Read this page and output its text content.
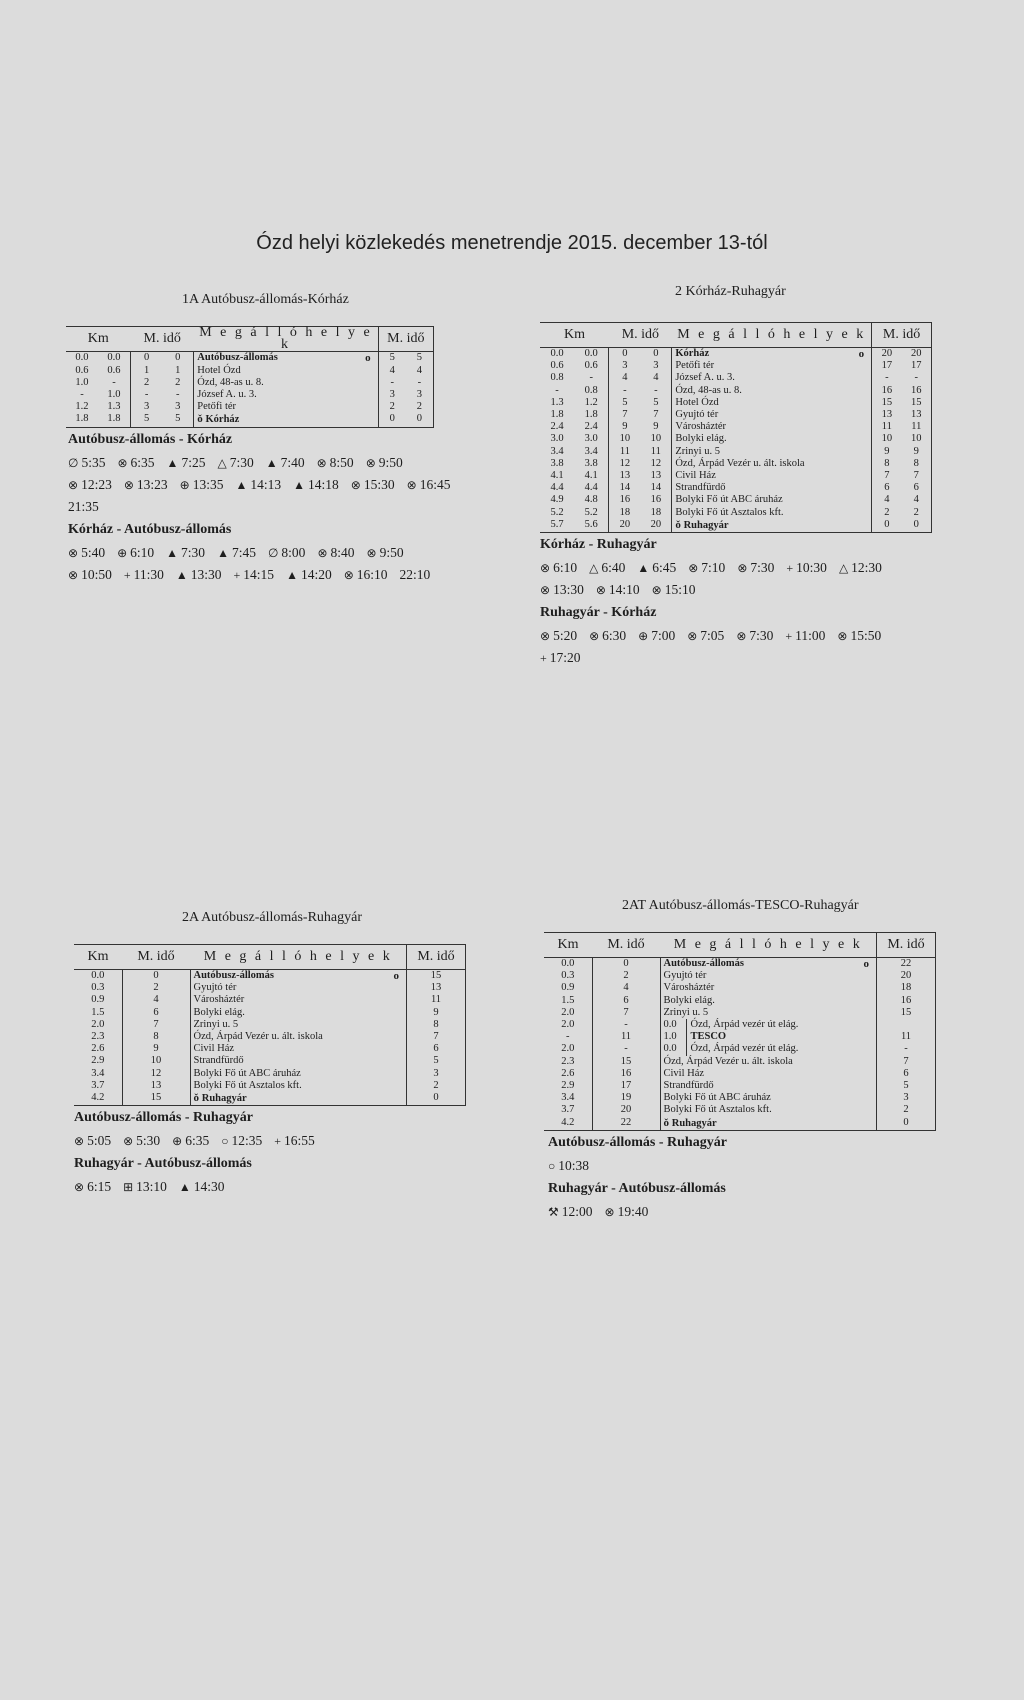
Ózd helyi közlekedés menetrendje 2015. december 13-tól
1A Autóbusz-állomás-Kórház
Km		M. idő		M e g á l l ó h e l y e k	M. idő	
0.0	0.0	0	0	Autóbusz-állomás o	5	5
0.6	0.6	1	1	Hotel Ózd	4	4
1.0	-	2	2	Ózd, 48-as u. 8.	-	-
-	1.0	-	-	József A. u. 3.	3	3
1.2	1.3	3	3	Petőfi tér	2	2
1.8	1.8	5	5	ǒ Kórház	0	0
Autóbusz-állomás - Kórház
∅ 5:35 ⊗ 6:35 ▲ 7:25 △ 7:30 ▲ 7:40 ⊗ 8:50 ⊗ 9:50⊗ 12:23 ⊗ 13:23 ⊕ 13:35 ▲ 14:13 ▲ 14:18 ⊗ 15:30 ⊗ 16:4521:35
Kórház - Autóbusz-állomás
⊗ 5:40 ⊕ 6:10 ▲ 7:30 ▲ 7:45 ∅ 8:00 ⊗ 8:40 ⊗ 9:50⊗ 10:50 + 11:30 ▲ 13:30 + 14:15 ▲ 14:20 ⊗ 16:10 22:10
2 Kórház-Ruhagyár
Km		M. idő		M e g á l l ó h e l y e k	M. idő	
0.0	0.0	0	0	Kórház o	20	20
0.6	0.6	3	3	Petőfi tér	17	17
0.8	-	4	4	József A. u. 3.	-	-
-	0.8	-	-	Ózd, 48-as u. 8.	16	16
1.3	1.2	5	5	Hotel Ózd	15	15
1.8	1.8	7	7	Gyujtó tér	13	13
2.4	2.4	9	9	Városháztér	11	11
3.0	3.0	10	10	Bolyki elág.	10	10
3.4	3.4	11	11	Zrinyi u. 5	9	9
3.8	3.8	12	12	Ózd, Árpád Vezér u. ált. iskola	8	8
4.1	4.1	13	13	Civil Ház	7	7
4.4	4.4	14	14	Strandfürdő	6	6
4.9	4.8	16	16	Bolyki Fő út ABC áruház	4	4
5.2	5.2	18	18	Bolyki Fő út Asztalos kft.	2	2
5.7	5.6	20	20	ǒ Ruhagyár	0	0
Kórház - Ruhagyár
⊗ 6:10 △ 6:40 ▲ 6:45 ⊗ 7:10 ⊗ 7:30 + 10:30 △ 12:30⊗ 13:30 ⊗ 14:10 ⊗ 15:10
Ruhagyár - Kórház
⊗ 5:20 ⊗ 6:30 ⊕ 7:00 ⊗ 7:05 ⊗ 7:30 + 11:00 ⊗ 15:50+ 17:20
2A Autóbusz-állomás-Ruhagyár
Km	M. idő	M e g á l l ó h e l y e k	M. idő
0.0	0	Autóbusz-állomás o	15
0.3	2	Gyujtó tér	13
0.9	4	Városháztér	11
1.5	6	Bolyki elág.	9
2.0	7	Zrinyi u. 5	8
2.3	8	Ózd, Árpád Vezér u. ált. iskola	7
2.6	9	Civil Ház	6
2.9	10	Strandfürdő	5
3.4	12	Bolyki Fő út ABC áruház	3
3.7	13	Bolyki Fő út Asztalos kft.	2
4.2	15	ǒ Ruhagyár	0
Autóbusz-állomás - Ruhagyár
⊗ 5:05 ⊗ 5:30 ⊕ 6:35 ○ 12:35 + 16:55
Ruhagyár - Autóbusz-állomás
⊗ 6:15 ⊞ 13:10 ▲ 14:30
2AT Autóbusz-állomás-TESCO-Ruhagyár
Km	M. idő	M e g á l l ó h e l y e k	M. idő
0.0	0	Autóbusz-állomás o	22
0.3	2	Gyujtó tér	20
0.9	4	Városháztér	18
1.5	6	Bolyki elág.	16
2.0	7	Zrinyi u. 5	15
2.0	-	0.0 Ózd, Árpád vezér út elág.	
-	11	1.0 TESCO	11
2.0	-	0.0 Ózd, Árpád vezér út elág.	-
2.3	15	Ózd, Árpád Vezér u. ált. iskola	7
2.6	16	Civil Ház	6
2.9	17	Strandfürdő	5
3.4	19	Bolyki Fő út ABC áruház	3
3.7	20	Bolyki Fő út Asztalos kft.	2
4.2	22	ǒ Ruhagyár	0
Autóbusz-állomás - Ruhagyár
○ 10:38
Ruhagyár - Autóbusz-állomás
⚒ 12:00 ⊗ 19:40
